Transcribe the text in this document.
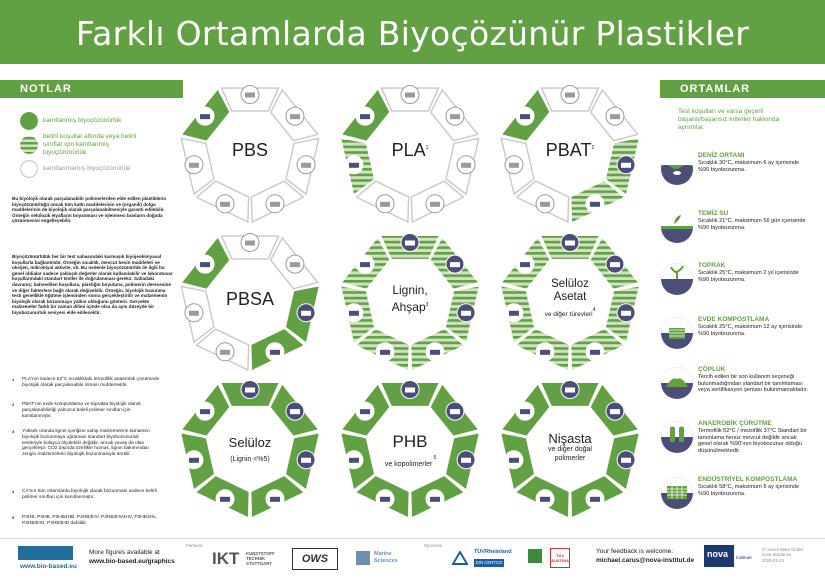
Farklı Ortamlarda Biyoçözünür Plastikler
NOTLAR
kanıtlanmış biyoçözünürlük
belirli koşullar altında veya belirli sınıflar için kanıtlanmış biyoçözünürlük
kanıtlanmamış biyoçözünürlük
Bu biyolojik olarak parçalanabilir polimerlerden elde edilen plastiklerin biyoçözünürlüğü ancak tüm katkı maddelerinin ve (organik) dolgu maddelerinin de biyolojik olarak parçalanabilmesiyle garanti edilebilir. Örneğin selülozik elyafların boyanması ve işlenmesi bunların doğada çözünmesini engelleyebilir.
Biyoçözünürlülük her bir test sahasındaki karmaşık biyojeokimyasal koşullarla bağlantılıdır. Örneğin sıcaklık, mevcut besin maddeleri ve oksijen, mikrobiyal aktivite, vb. Bu nedenle biyoçözünürlük ile ilgili bu genel iddialar sadece yaklaşık değerler olarak kullanılabilir ve laboratuvar koşullarındaki standart testler ile doğrulanması gerekir. Sahadaki davranış; bahsedilen koşullara, plastiğin boyutuna, polimerin derecesine ve diğer faktörlere bağlı olarak değişebilir. Örneğin, biyolojik bozunma testi genellikle öğütme işleminden sonra gerçekleştirilir ve malzemenin biyolojik olarak bozunmaya yatkın olduğunu gösterir. Gerçekte malzemeler farklı bir zaman dilimi içinde olsa da aynı düzeyde bir biyobozunurluk seviyesi elde edilecektir.
1 PLA'nın sadece 52°C sıcaklıktaki termofilik anaerobik çürütmede biyolojik olarak parçalanabilir olması muhtemeldir.
2 PBAT'nin evde kompostlama ve toprakta biyolojik olarak parçalanabilirliği yalnızca belirli polimer sınıfları için kanıtlanmıştır.
3 Yüksek oranda lignin içeriğine sahip malzemelerin tamamen biyolojik bozunmaya uğraması standart biyobozunurluk testleriyle kolayca ölçülebilir değildir, ancak yavaş da olsa gerçekleşir. CO2 dışında özellikle humus, lignin bakımından zengin malzemelerin biyolojik bozunmasıyla üretilir.
4 CA'nın tüm ortamlarda biyolojik olarak bozunması sadece belirli polimer sınıfları için kanıtlanmıştır.
5 P3HB, P4HB, P3HB4HB, P3HB3HV, P3HB3HV4HV, P3HB3Hx, P3HB3HO, P3HB3HD dahildir.
PBS	PLA$^1$	PBAT$^2$
PBSA	Lignin,
Ahşap$^3$
Selüloz
Asetat
ve diğer türevleri$^4$
Selüloz
(Lignin <%5)
PHB
ve kopolimerler$^5$
Nişasta
ve diğer doğal polimerler
ORTAMLAR
Test koşulları ve varsa geçerli başarılı/başarısız kriterler hakkında ayrıntılar.
DENİZ ORTAMI
Sıcaklık 30°C, maksimum 6 ay içerisinde %90 biyobozunma.
TEMİZ SU
Sıcaklık 21°C, maksimum 56 gün içerisinde %90 biyobozunma.
TOPRAK
Sıcaklık 25°C, maksimum 2 yıl içerisinde %90 biyobozunma.
EVDE KOMPOSTLAMA
Sıcaklık 25°C, maksimum 12 ay içerisinde %90 biyobozunma.
ÇÖPLÜK
Tercih edilen bir son kullanım seçeneği bulunmadığından standart bir tanımlaması veya sertifikasyon şeması bulunmamaktadır.
ANAEROBİK ÇÜRÜTME
Termofilik 52°C / mezofilik 37°C Standart bir tanımlama henüz mevcut değildir ancak genel olarak %90'ının biyobozunur olduğu düşünülmektedir.
ENDÜSTRİYEL KOMPOSTLAMA
Sıcaklık 58°C, maksimum 6 ay içerisinde %90 biyobozunma.
www.bio-based.eu
More figures available at
www.bio-based.eu/graphics
Partners
IKT KUNSTSTOFF TECHNIK STUTTGART	OWS	Marine Sciences
Sponsors
TÜVRheinland
DIN CERTCO
TÜV AUSTRIA
Your feedback is welcome:
michael.carus@nova-institut.de
nova Institute
© nova-Institut GmbH
nova-Institut.eu
2020-01-23
